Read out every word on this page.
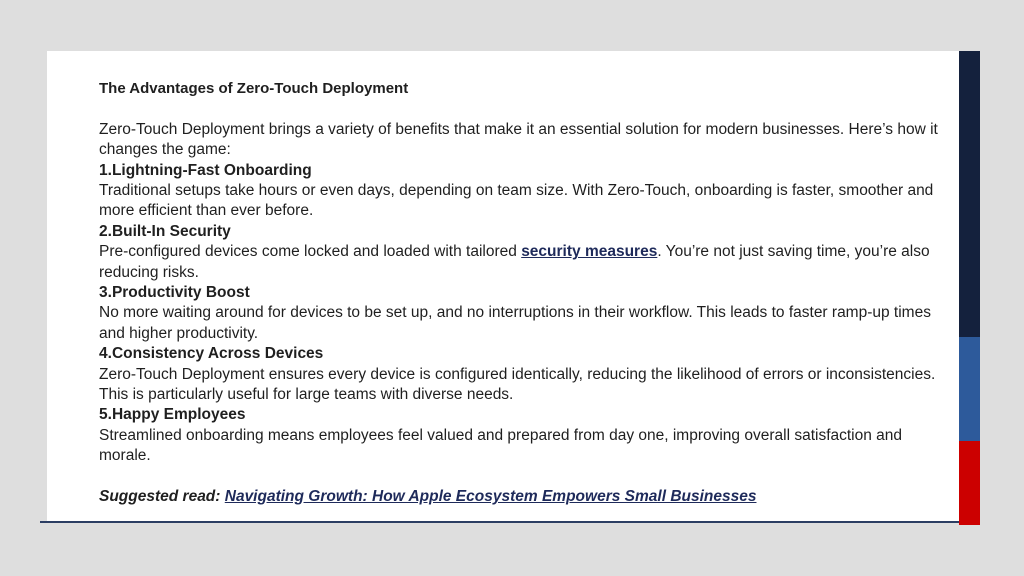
The Advantages of Zero-Touch Deployment

Zero-Touch Deployment brings a variety of benefits that make it an essential solution for modern businesses. Here’s how it changes the game:

1.Lightning-Fast Onboarding

Traditional setups take hours or even days, depending on team size. With Zero-Touch, onboarding is faster, smoother and more efficient than ever before.

2.Built-In Security

Pre-configured devices come locked and loaded with tailored security measures. You’re not just saving time, you’re also reducing risks.

3.Productivity Boost

No more waiting around for devices to be set up, and no interruptions in their workflow. This leads to faster ramp-up times and higher productivity.

4.Consistency Across Devices

Zero-Touch Deployment ensures every device is configured identically, reducing the likelihood of errors or inconsistencies. This is particularly useful for large teams with diverse needs.

5.Happy Employees

Streamlined onboarding means employees feel valued and prepared from day one, improving overall satisfaction and morale.

Suggested read: Navigating Growth: How Apple Ecosystem Empowers Small Businesses
